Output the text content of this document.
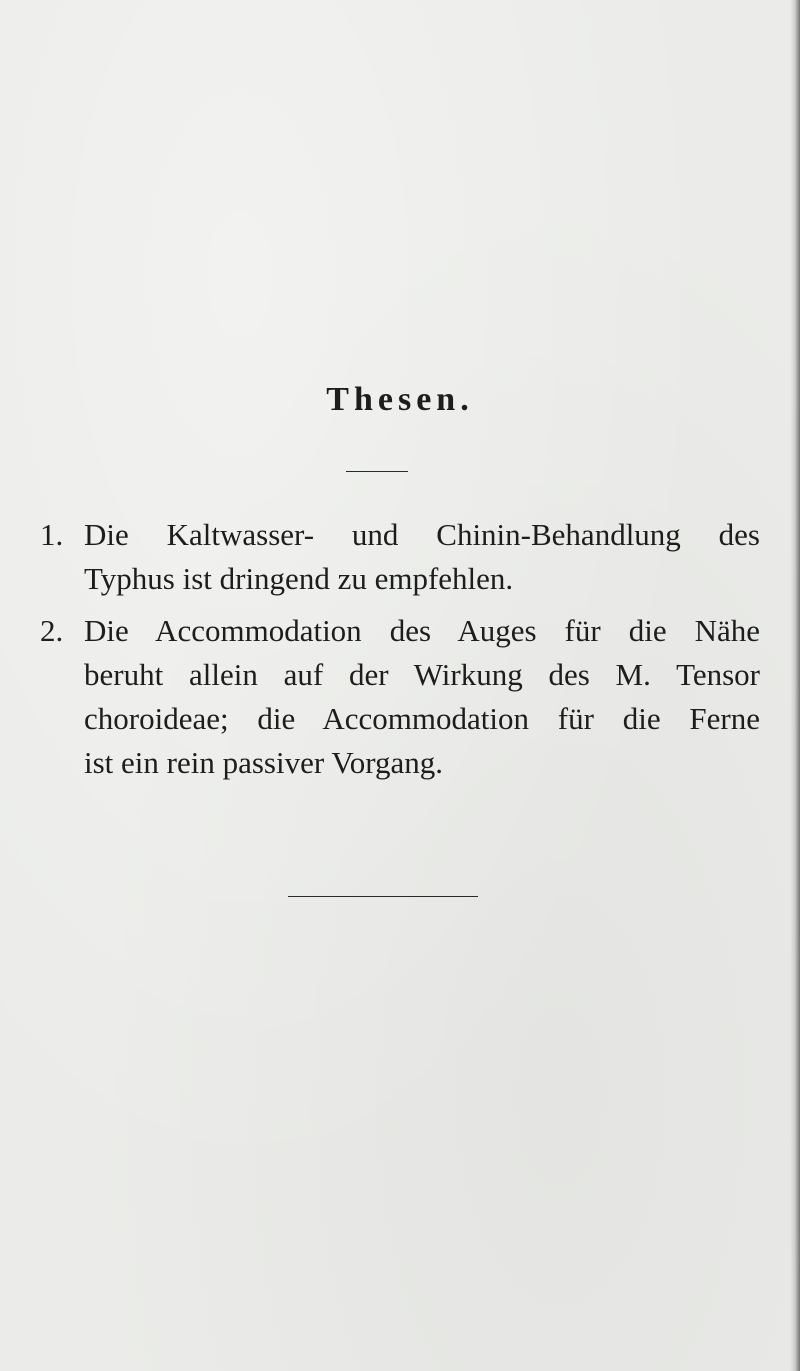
Thesen.
1. Die Kaltwasser- und Chinin-Behandlung des
Typhus ist dringend zu empfehlen.
2. Die Accommodation des Auges für die Nähe
beruht allein auf der Wirkung des M. Tensor
choroideae; die Accommodation für die Ferne
ist ein rein passiver Vorgang.
